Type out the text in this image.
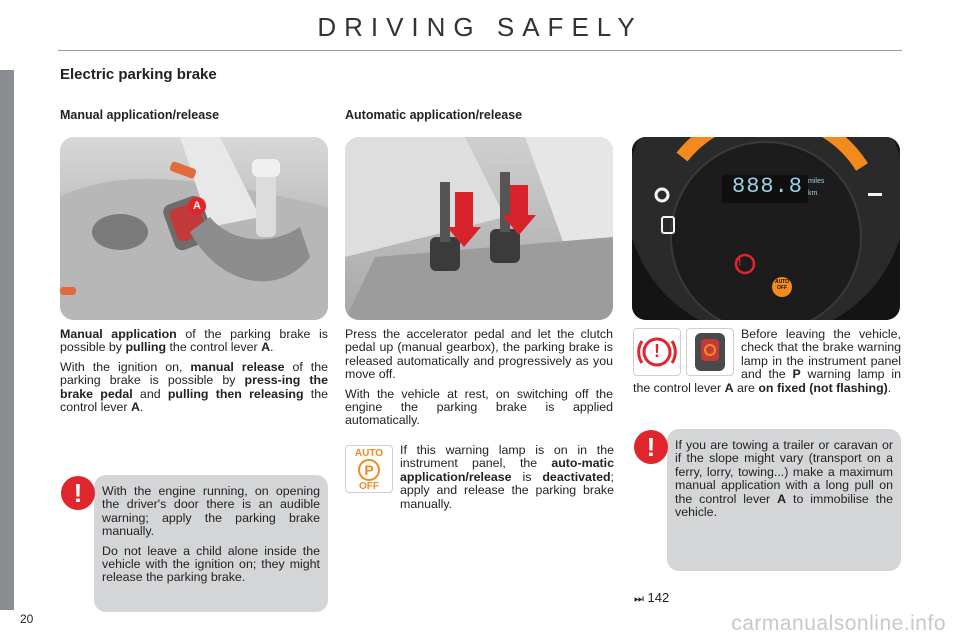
DRIVING SAFELY
Electric parking brake
Manual application/release	Automatic application/release
A
888.8 miles
km
!
AUTO
OFF

Manual application of the parking brake is possible by pulling the control lever A.

With the ignition on, manual release of the parking brake is possible by press-ing the brake pedal and pulling then releasing the control lever A.

With the engine running, on opening the driver's door there is an audible warning; apply the parking brake manually.

Do not leave a child alone inside the vehicle with the ignition on; they might release the parking brake.

!

Press the accelerator pedal and let the clutch pedal up (manual gearbox), the parking brake is released automatically and progressively as you move off.

With the vehicle at rest, on switching off the engine the parking brake is applied automatically.

AUTO
P
OFF

If this warning lamp is on in the instrument panel, the auto-matic application/release is deactivated; apply and release the parking brake manually.

!

Before leaving the vehicle, check that the brake warning lamp in the instrument panel and the P warning lamp in the control lever A are on fixed (not flashing).

If you are towing a trailer or caravan or if the slope might vary (transport on a ferry, lorry, towing...) make a maximum manual application with a long pull on the control lever A to immobilise the vehicle.

!
⏭ 142
20	carmanualsonline.info
